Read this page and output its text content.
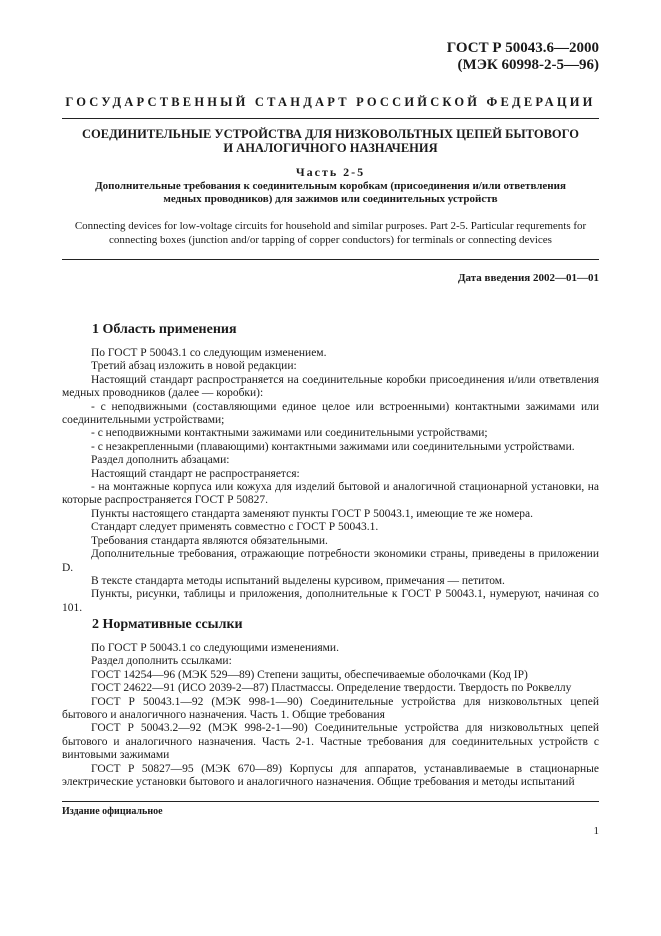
ГОСТ Р 50043.6—2000
(МЭК 60998-2-5—96)
ГОСУДАРСТВЕННЫЙ СТАНДАРТ РОССИЙСКОЙ ФЕДЕРАЦИИ
СОЕДИНИТЕЛЬНЫЕ УСТРОЙСТВА ДЛЯ НИЗКОВОЛЬТНЫХ ЦЕПЕЙ БЫТОВОГО
И АНАЛОГИЧНОГО НАЗНАЧЕНИЯ
Часть 2-5
Дополнительные требования к соединительным коробкам (присоединения и/или ответвления
медных проводников) для зажимов или соединительных устройств
Connecting devices for low-voltage circuits for household and similar purposes. Part 2-5. Particular requrements for
connecting boxes (junction and/or tapping of copper conductors) for terminals or connecting devices
Дата введения 2002—01—01
1 Область применения

По ГОСТ Р 50043.1 со следующим изменением.

Третий абзац изложить в новой редакции:

Настоящий стандарт распространяется на соединительные коробки присоединения и/или ответвления медных проводников (далее — коробки):

- с неподвижными (составляющими единое целое или встроенными) контактными зажимами или соединительными устройствами;

- с неподвижными контактными зажимами или соединительными устройствами;

- с незакрепленными (плавающими) контактными зажимами или соединительными устройствами.

Раздел дополнить абзацами:

Настоящий стандарт не распространяется:

- на монтажные корпуса или кожуха для изделий бытовой и аналогичной стационарной установки, на которые распространяется ГОСТ Р 50827.

Пункты настоящего стандарта заменяют пункты ГОСТ Р 50043.1, имеющие те же номера.

Стандарт следует применять совместно с ГОСТ Р 50043.1.

Требования стандарта являются обязательными.

Дополнительные требования, отражающие потребности экономики страны, приведены в приложении D.

В тексте стандарта методы испытаний выделены курсивом, примечания — петитом.

Пункты, рисунки, таблицы и приложения, дополнительные к ГОСТ Р 50043.1, нумеруют, начиная со 101.

2 Нормативные ссылки

По ГОСТ Р 50043.1 со следующими изменениями.

Раздел дополнить ссылками:

ГОСТ 14254—96 (МЭК 529—89) Степени защиты, обеспечиваемые оболочками (Код IP)

ГОСТ 24622—91 (ИСО 2039-2—87) Пластмассы. Определение твердости. Твердость по Роквеллу

ГОСТ Р 50043.1—92 (МЭК 998-1—90) Соединительные устройства для низковольтных цепей бытового и аналогичного назначения. Часть 1. Общие требования

ГОСТ Р 50043.2—92 (МЭК 998-2-1—90) Соединительные устройства для низковольтных цепей бытового и аналогичного назначения. Часть 2-1. Частные требования для соединительных устройств с винтовыми зажимами

ГОСТ Р 50827—95 (МЭК 670—89) Корпусы для аппаратов, устанавливаемые в стационарные электрические установки бытового и аналогичного назначения. Общие требования и методы испытаний

Издание официальное
1
